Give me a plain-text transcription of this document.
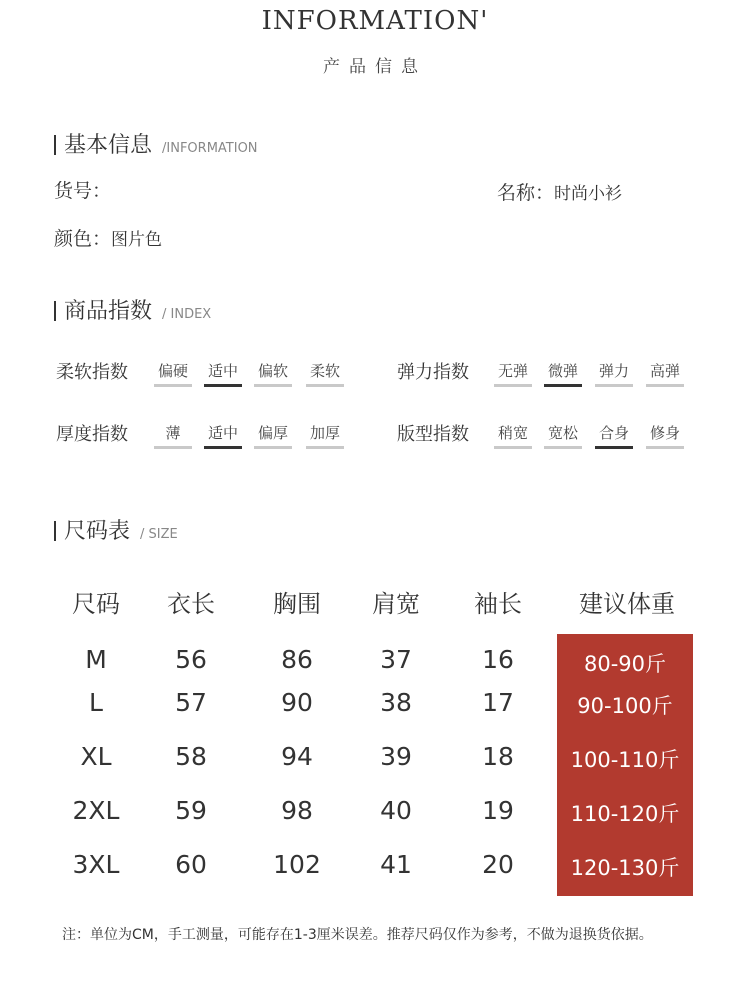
INFORMATION'
产品信息
基本信息 /INFORMATION
货号：	名称：时尚小衫
颜色：图片色
商品指数 / INDEX
柔软指数 偏硬 适中 偏软 柔软	弹力指数 无弹 微弹 弹力 高弹
厚度指数	薄	适中 偏厚 加厚	版型指数 稍宽 宽松 合身 修身
尺码表 / SIZE
尺码	衣长	胸围	肩宽	袖长	建议体重
M	56	86	37	16	80-90斤
L	57	90	38	17	90-100斤
XL	58	94	39	18	100-110斤
2XL	59	98	40	19	110-120斤
3XL	60	102	41	20	120-130斤
注：单位为CM，手工测量，可能存在1-3厘米误差。推荐尺码仅作为参考，不做为退换货依据。
